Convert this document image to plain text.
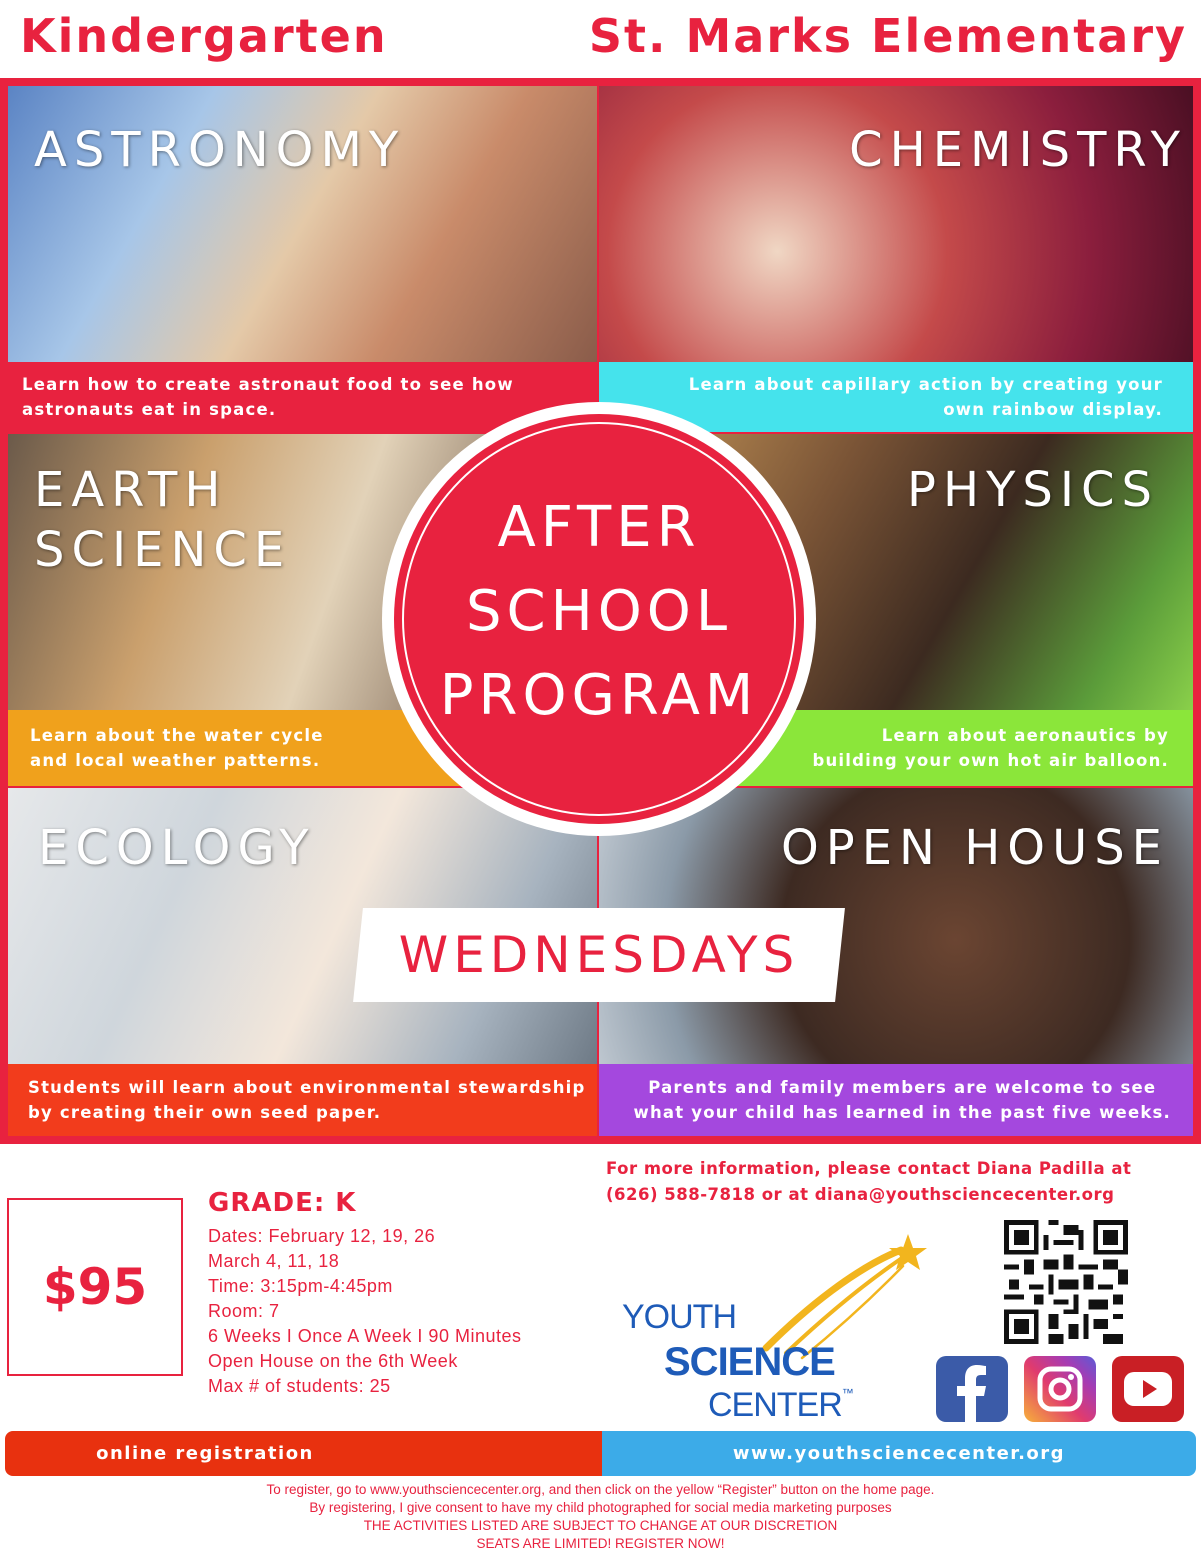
Kindergarten	St. Marks Elementary
ASTRONOMY
Learn how to create astronaut food to see how
astronauts eat in space.
CHEMISTRY
Learn about capillary action by creating your
own rainbow display.
EARTH
SCIENCE
Learn about the water cycle
and local weather patterns.
PHYSICS
Learn about aeronautics by
building your own hot air balloon.
ECOLOGY
Students will learn about environmental stewardship
by creating their own seed paper.
OPEN HOUSE
Parents and family members are welcome to see
what your child has learned in the past five weeks.
AFTER
SCHOOL
PROGRAM
WEDNESDAYS
$95
GRADE: K
Dates: February 12, 19, 26
March 4, 11, 18
Time: 3:15pm-4:45pm
Room: 7
6 Weeks I Once A Week I 90 Minutes
Open House on the 6th Week
Max # of students: 25
For more information, please contact Diana Padilla at
(626) 588-7818 or at diana@youthsciencecenter.org
YOUTH
SCIENCE
CENTER™
online registration	www.youthsciencecenter.org
To register, go to www.youthsciencecenter.org, and then click on the yellow “Register” button on the home page.
By registering, I give consent to have my child photographed for social media marketing purposes
THE ACTIVITIES LISTED ARE SUBJECT TO CHANGE AT OUR DISCRETION
SEATS ARE LIMITED! REGISTER NOW!
